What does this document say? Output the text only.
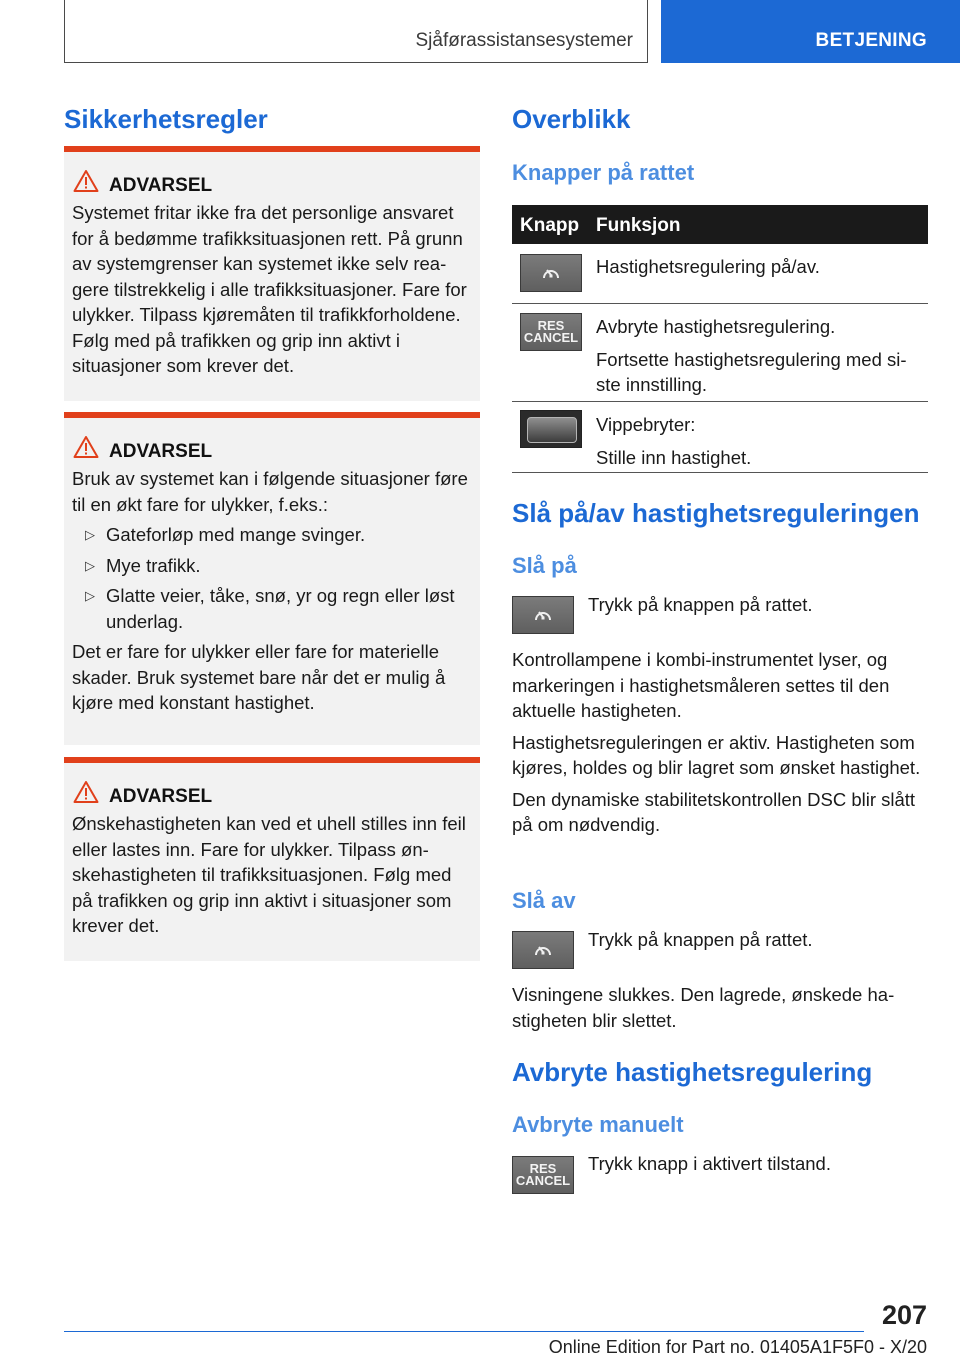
Sjåførassistansesystemer	BETJENING
Sikkerhetsregler
ADVARSEL

Systemet fritar ikke fra det personlige ansvaret for å bedømme trafikksituasjonen rett. På grunn av systemgrenser kan systemet ikke selv reagere tilstrekkelig i alle trafikksituasjoner. Fare for ulykker. Tilpass kjøremåten til trafikkforholdene. Følg med på trafikken og grip inn aktivt i situasjoner som krever det.

ADVARSEL

Bruk av systemet kan i følgende situasjoner føre til en økt fare for ulykker, f.eks.:

▷ Gateforløp med mange svinger.
▷ Mye trafikk.
▷ Glatte veier, tåke, snø, yr og regn eller løst underlag.

Det er fare for ulykker eller fare for materielle skader. Bruk systemet bare når det er mulig å kjøre med konstant hastighet.

ADVARSEL

Ønskehastigheten kan ved et uhell stilles inn feil eller lastes inn. Fare for ulykker. Tilpass ønskehastigheten til trafikksituasjonen. Følg med på trafikken og grip inn aktivt i situasjoner som krever det.

Overblikk
Knapper på rattet
Knapp Funksjon

Hastighetsregulering på/av.

RES
CANCEL

Avbryte hastighetsregulering.

Fortsette hastighetsregulering med siste innstilling.

Vippebryter:

Stille inn hastighet.

Slå på/av hastighetsreguleringen
Slå på
Trykk på knappen på rattet.

Kontrollampene i kombi-instrumentet lyser, og markeringen i hastighetsmåleren settes til den aktuelle hastigheten.

Hastighetsreguleringen er aktiv. Hastigheten som kjøres, holdes og blir lagret som ønsket hastighet.

Den dynamiske stabilitetskontrollen DSC blir slått på om nødvendig.

Slå av
Trykk på knappen på rattet.

Visningene slukkes. Den lagrede, ønskede hastigheten blir slettet.

Avbryte hastighetsregulering
Avbryte manuelt
RES
CANCEL
Trykk knapp i aktivert tilstand.
207
Online Edition for Part no. 01405A1F5F0 - X/20
